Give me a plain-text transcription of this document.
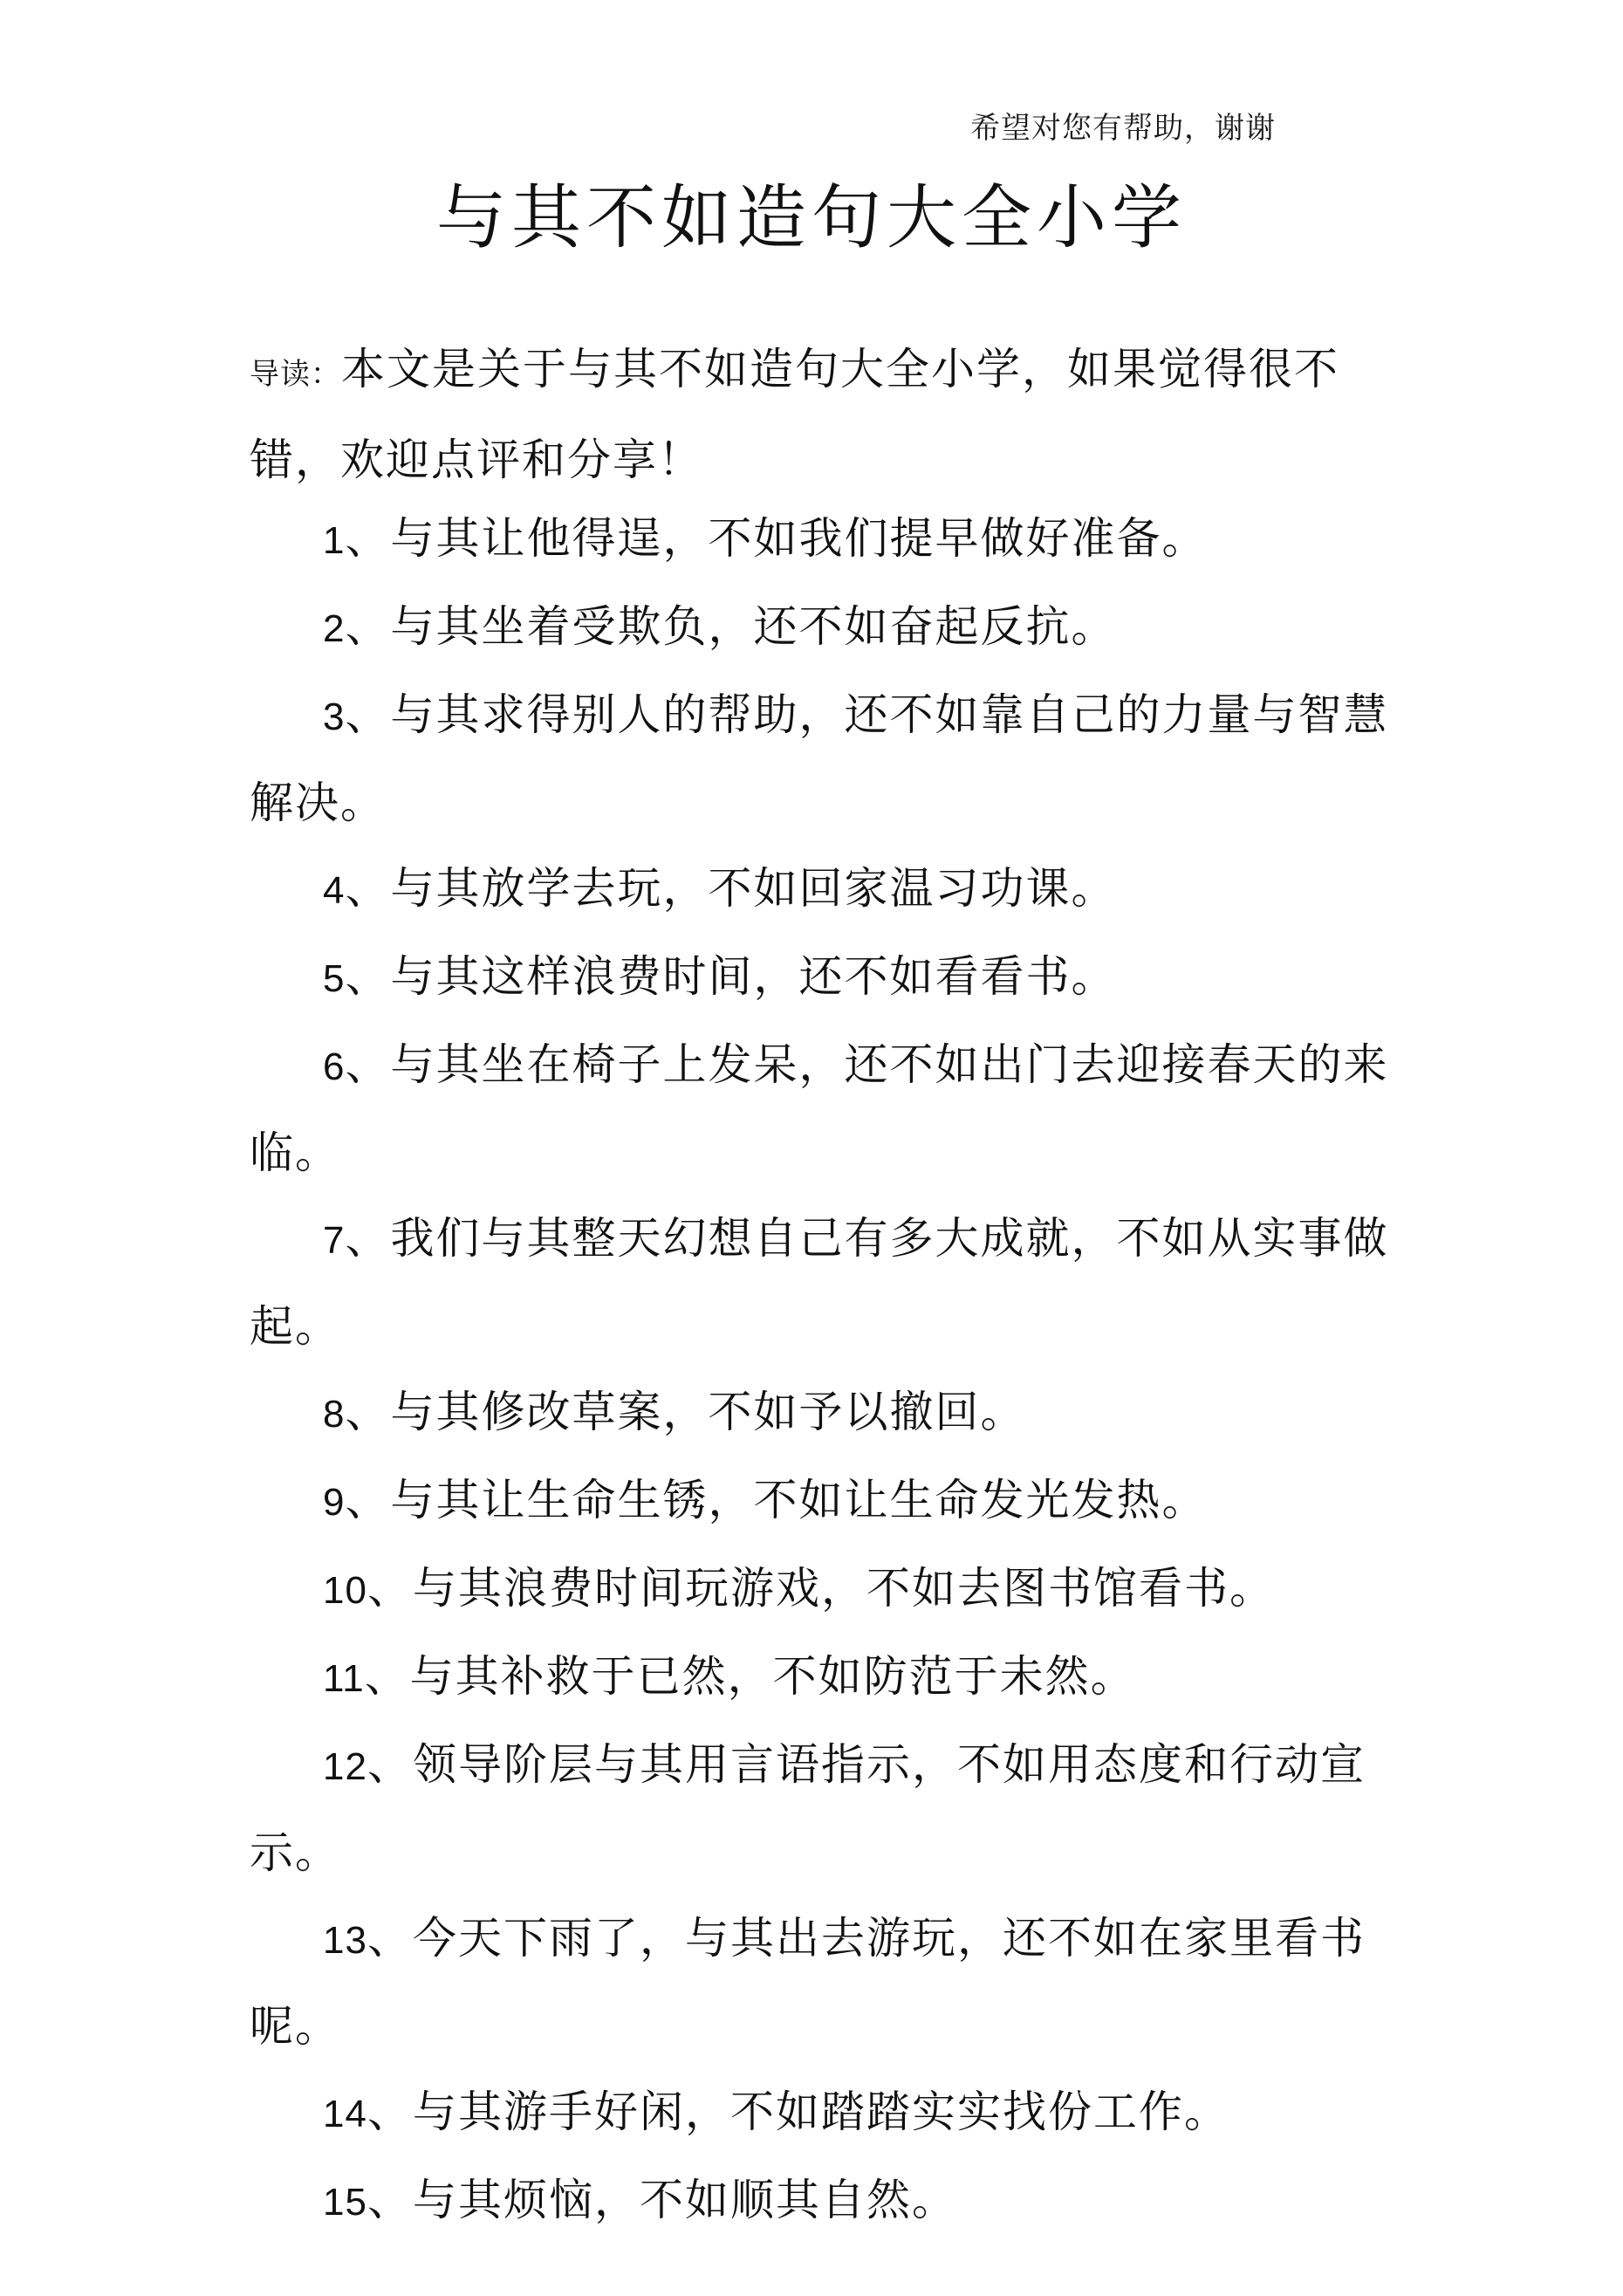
希望对您有帮助，谢谢
与其不如造句大全小学

导读：本文是关于与其不如造句大全小学，如果觉得很不错，欢迎点评和分享！

1、与其让他得逞，不如我们提早做好准备。
2、与其坐着受欺负，还不如奋起反抗。
3、与其求得别人的帮助，还不如靠自己的力量与智慧解决。
4、与其放学去玩，不如回家温习功课。
5、与其这样浪费时间，还不如看看书。
6、与其坐在椅子上发呆，还不如出门去迎接春天的来临。
7、我们与其整天幻想自己有多大成就，不如从实事做起。
8、与其修改草案，不如予以撤回。
9、与其让生命生锈，不如让生命发光发热。
10、与其浪费时间玩游戏，不如去图书馆看书。
11、与其补救于已然，不如防范于未然。
12、领导阶层与其用言语指示，不如用态度和行动宣示。
13、今天下雨了，与其出去游玩，还不如在家里看书呢。
14、与其游手好闲，不如踏踏实实找份工作。
15、与其烦恼，不如顺其自然。
